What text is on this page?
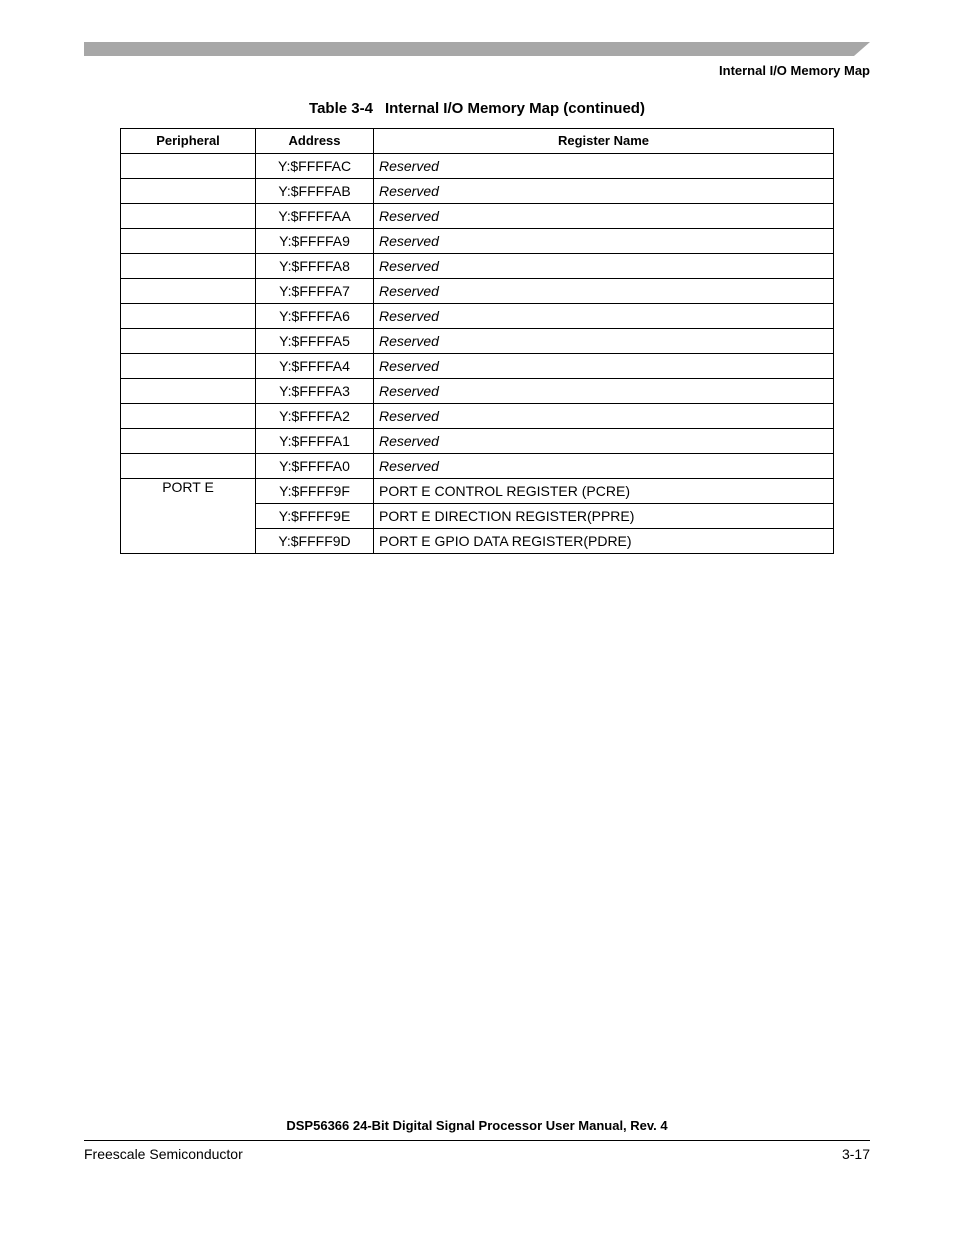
Internal I/O Memory Map
Table 3-4 Internal I/O Memory Map (continued)
Peripheral	Address	Register Name
	Y:$FFFFAC	Reserved
	Y:$FFFFAB	Reserved
	Y:$FFFFAA	Reserved
	Y:$FFFFA9	Reserved
	Y:$FFFFA8	Reserved
	Y:$FFFFA7	Reserved
	Y:$FFFFA6	Reserved
	Y:$FFFFA5	Reserved
	Y:$FFFFA4	Reserved
	Y:$FFFFA3	Reserved
	Y:$FFFFA2	Reserved
	Y:$FFFFA1	Reserved
	Y:$FFFFA0	Reserved
PORT E	Y:$FFFF9F	PORT E CONTROL REGISTER (PCRE)
	Y:$FFFF9E	PORT E DIRECTION REGISTER(PPRE)
	Y:$FFFF9D	PORT E GPIO DATA REGISTER(PDRE)
DSP56366 24-Bit Digital Signal Processor User Manual, Rev. 4
Freescale Semiconductor	3-17
